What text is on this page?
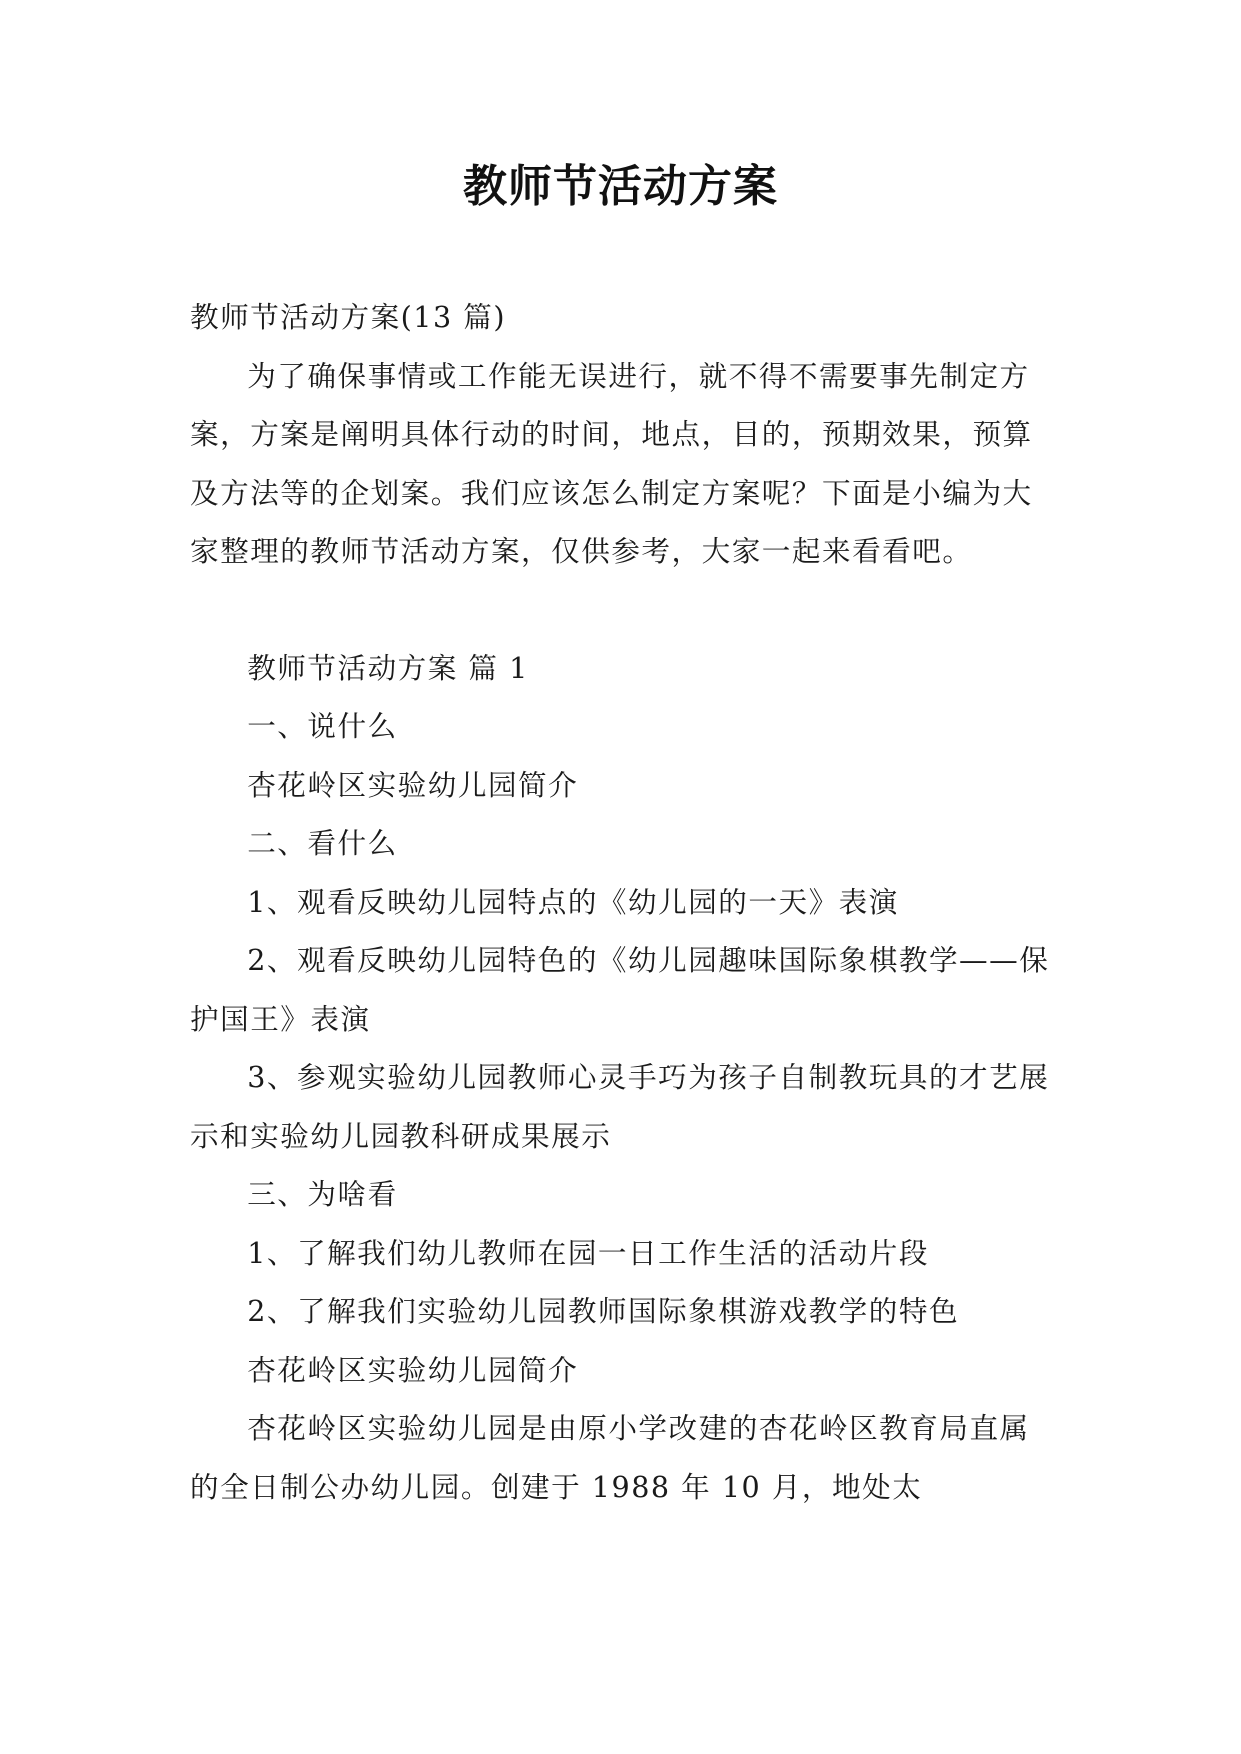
教师节活动方案

教师节活动方案(13 篇)

为了确保事情或工作能无误进行，就不得不需要事先制定方案，方案是阐明具体行动的时间，地点，目的，预期效果，预算及方法等的企划案。我们应该怎么制定方案呢？下面是小编为大家整理的教师节活动方案，仅供参考，大家一起来看看吧。

教师节活动方案 篇 1

一、说什么

杏花岭区实验幼儿园简介

二、看什么

1、观看反映幼儿园特点的《幼儿园的一天》表演

2、观看反映幼儿园特色的《幼儿园趣味国际象棋教学——保护国王》表演

3、参观实验幼儿园教师心灵手巧为孩子自制教玩具的才艺展示和实验幼儿园教科研成果展示

三、为啥看

1、了解我们幼儿教师在园一日工作生活的活动片段

2、了解我们实验幼儿园教师国际象棋游戏教学的特色

杏花岭区实验幼儿园简介

杏花岭区实验幼儿园是由原小学改建的杏花岭区教育局直属的全日制公办幼儿园。创建于 1988 年 10 月，地处太
